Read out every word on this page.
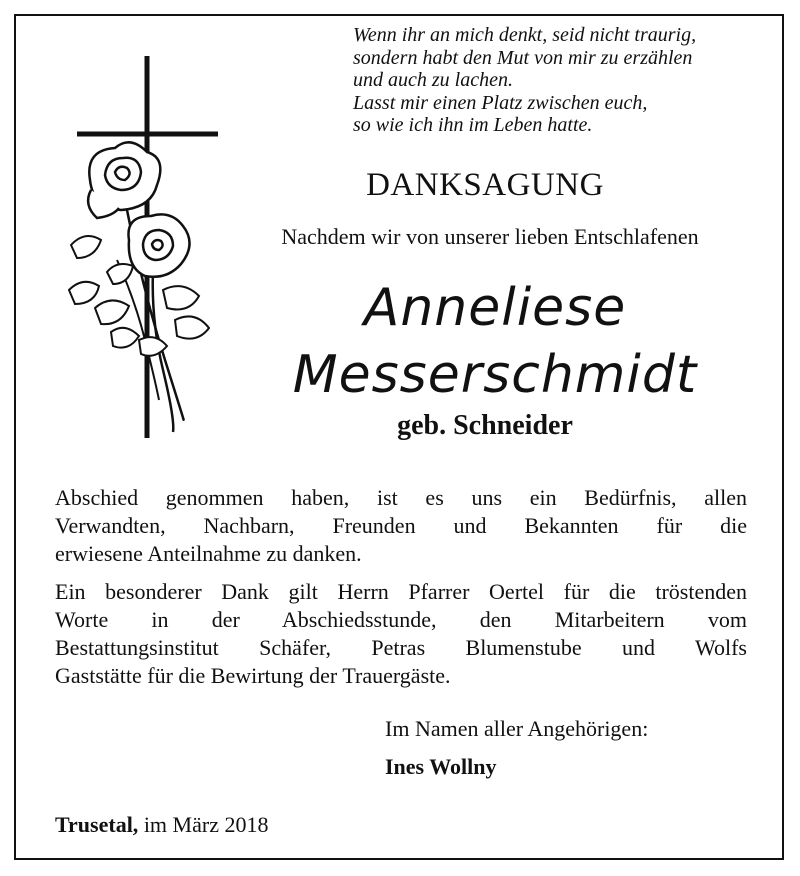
Wenn ihr an mich denkt, seid nicht traurig,
sondern habt den Mut von mir zu erzählen
und auch zu lachen.
Lasst mir einen Platz zwischen euch,
so wie ich ihn im Leben hatte.
DANKSAGUNG
Nachdem wir von unserer lieben Entschlafenen
Anneliese
Messerschmidt
geb. Schneider
Abschied genommen haben, ist es uns ein Bedürfnis, allen
Verwandten, Nachbarn, Freunden und Bekannten für die
erwiesene Anteilnahme zu danken.
Ein besonderer Dank gilt Herrn Pfarrer Oertel für die tröstenden
Worte in der Abschiedsstunde, den Mitarbeitern vom
Bestattungsinstitut Schäfer, Petras Blumenstube und Wolfs
Gaststätte für die Bewirtung der Trauergäste.
Im Namen aller Angehörigen:
Ines Wollny
Trusetal, im März 2018
